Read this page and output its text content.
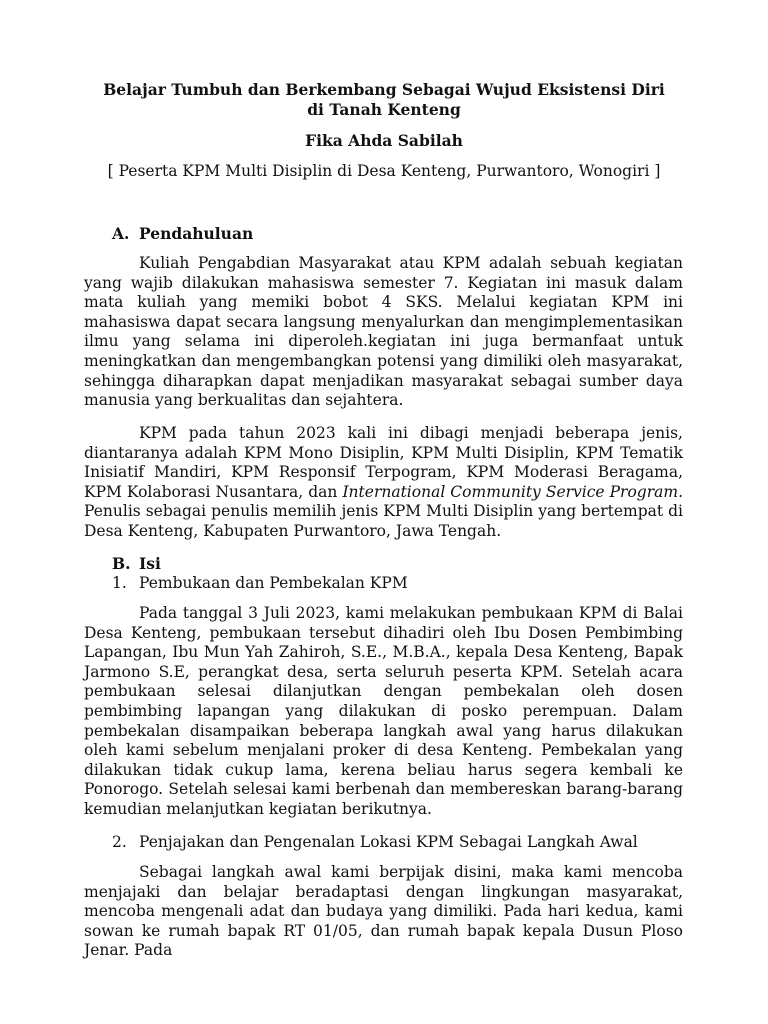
Belajar Tumbuh dan Berkembang Sebagai Wujud Eksistensi Diri di Tanah Kenteng
Fika Ahda Sabilah
[ Peserta KPM Multi Disiplin di Desa Kenteng, Purwantoro, Wonogiri ]
A. Pendahuluan

Kuliah Pengabdian Masyarakat atau KPM adalah sebuah kegiatan yang wajib dilakukan mahasiswa semester 7. Kegiatan ini masuk dalam mata kuliah yang memiki bobot 4 SKS. Melalui kegiatan KPM ini mahasiswa dapat secara langsung menyalurkan dan mengimplementasikan ilmu yang selama ini diperoleh.kegiatan ini juga bermanfaat untuk meningkatkan dan mengembangkan potensi yang dimiliki oleh masyarakat, sehingga diharapkan dapat menjadikan masyarakat sebagai sumber daya manusia yang berkualitas dan sejahtera.

KPM pada tahun 2023 kali ini dibagi menjadi beberapa jenis, diantaranya adalah KPM Mono Disiplin, KPM Multi Disiplin, KPM Tematik Inisiatif Mandiri, KPM Responsif Terpogram, KPM Moderasi Beragama, KPM Kolaborasi Nusantara, dan International Community Service Program. Penulis sebagai penulis memilih jenis KPM Multi Disiplin yang bertempat di Desa Kenteng, Kabupaten Purwantoro, Jawa Tengah.

B. Isi
1. Pembukaan dan Pembekalan KPM

Pada tanggal 3 Juli 2023, kami melakukan pembukaan KPM di Balai Desa Kenteng, pembukaan tersebut dihadiri oleh Ibu Dosen Pembimbing Lapangan, Ibu Mun Yah Zahiroh, S.E., M.B.A., kepala Desa Kenteng, Bapak Jarmono S.E, perangkat desa, serta seluruh peserta KPM. Setelah acara pembukaan selesai dilanjutkan dengan pembekalan oleh dosen pembimbing lapangan yang dilakukan di posko perempuan. Dalam pembekalan disampaikan beberapa langkah awal yang harus dilakukan oleh kami sebelum menjalani proker di desa Kenteng. Pembekalan yang dilakukan tidak cukup lama, kerena beliau harus segera kembali ke Ponorogo. Setelah selesai kami berbenah dan membereskan barang-barang kemudian melanjutkan kegiatan berikutnya.

2. Penjajakan dan Pengenalan Lokasi KPM Sebagai Langkah Awal

Sebagai langkah awal kami berpijak disini, maka kami mencoba menjajaki dan belajar beradaptasi dengan lingkungan masyarakat, mencoba mengenali adat dan budaya yang dimiliki. Pada hari kedua, kami sowan ke rumah bapak RT 01/05, dan rumah bapak kepala Dusun Ploso Jenar. Pada
